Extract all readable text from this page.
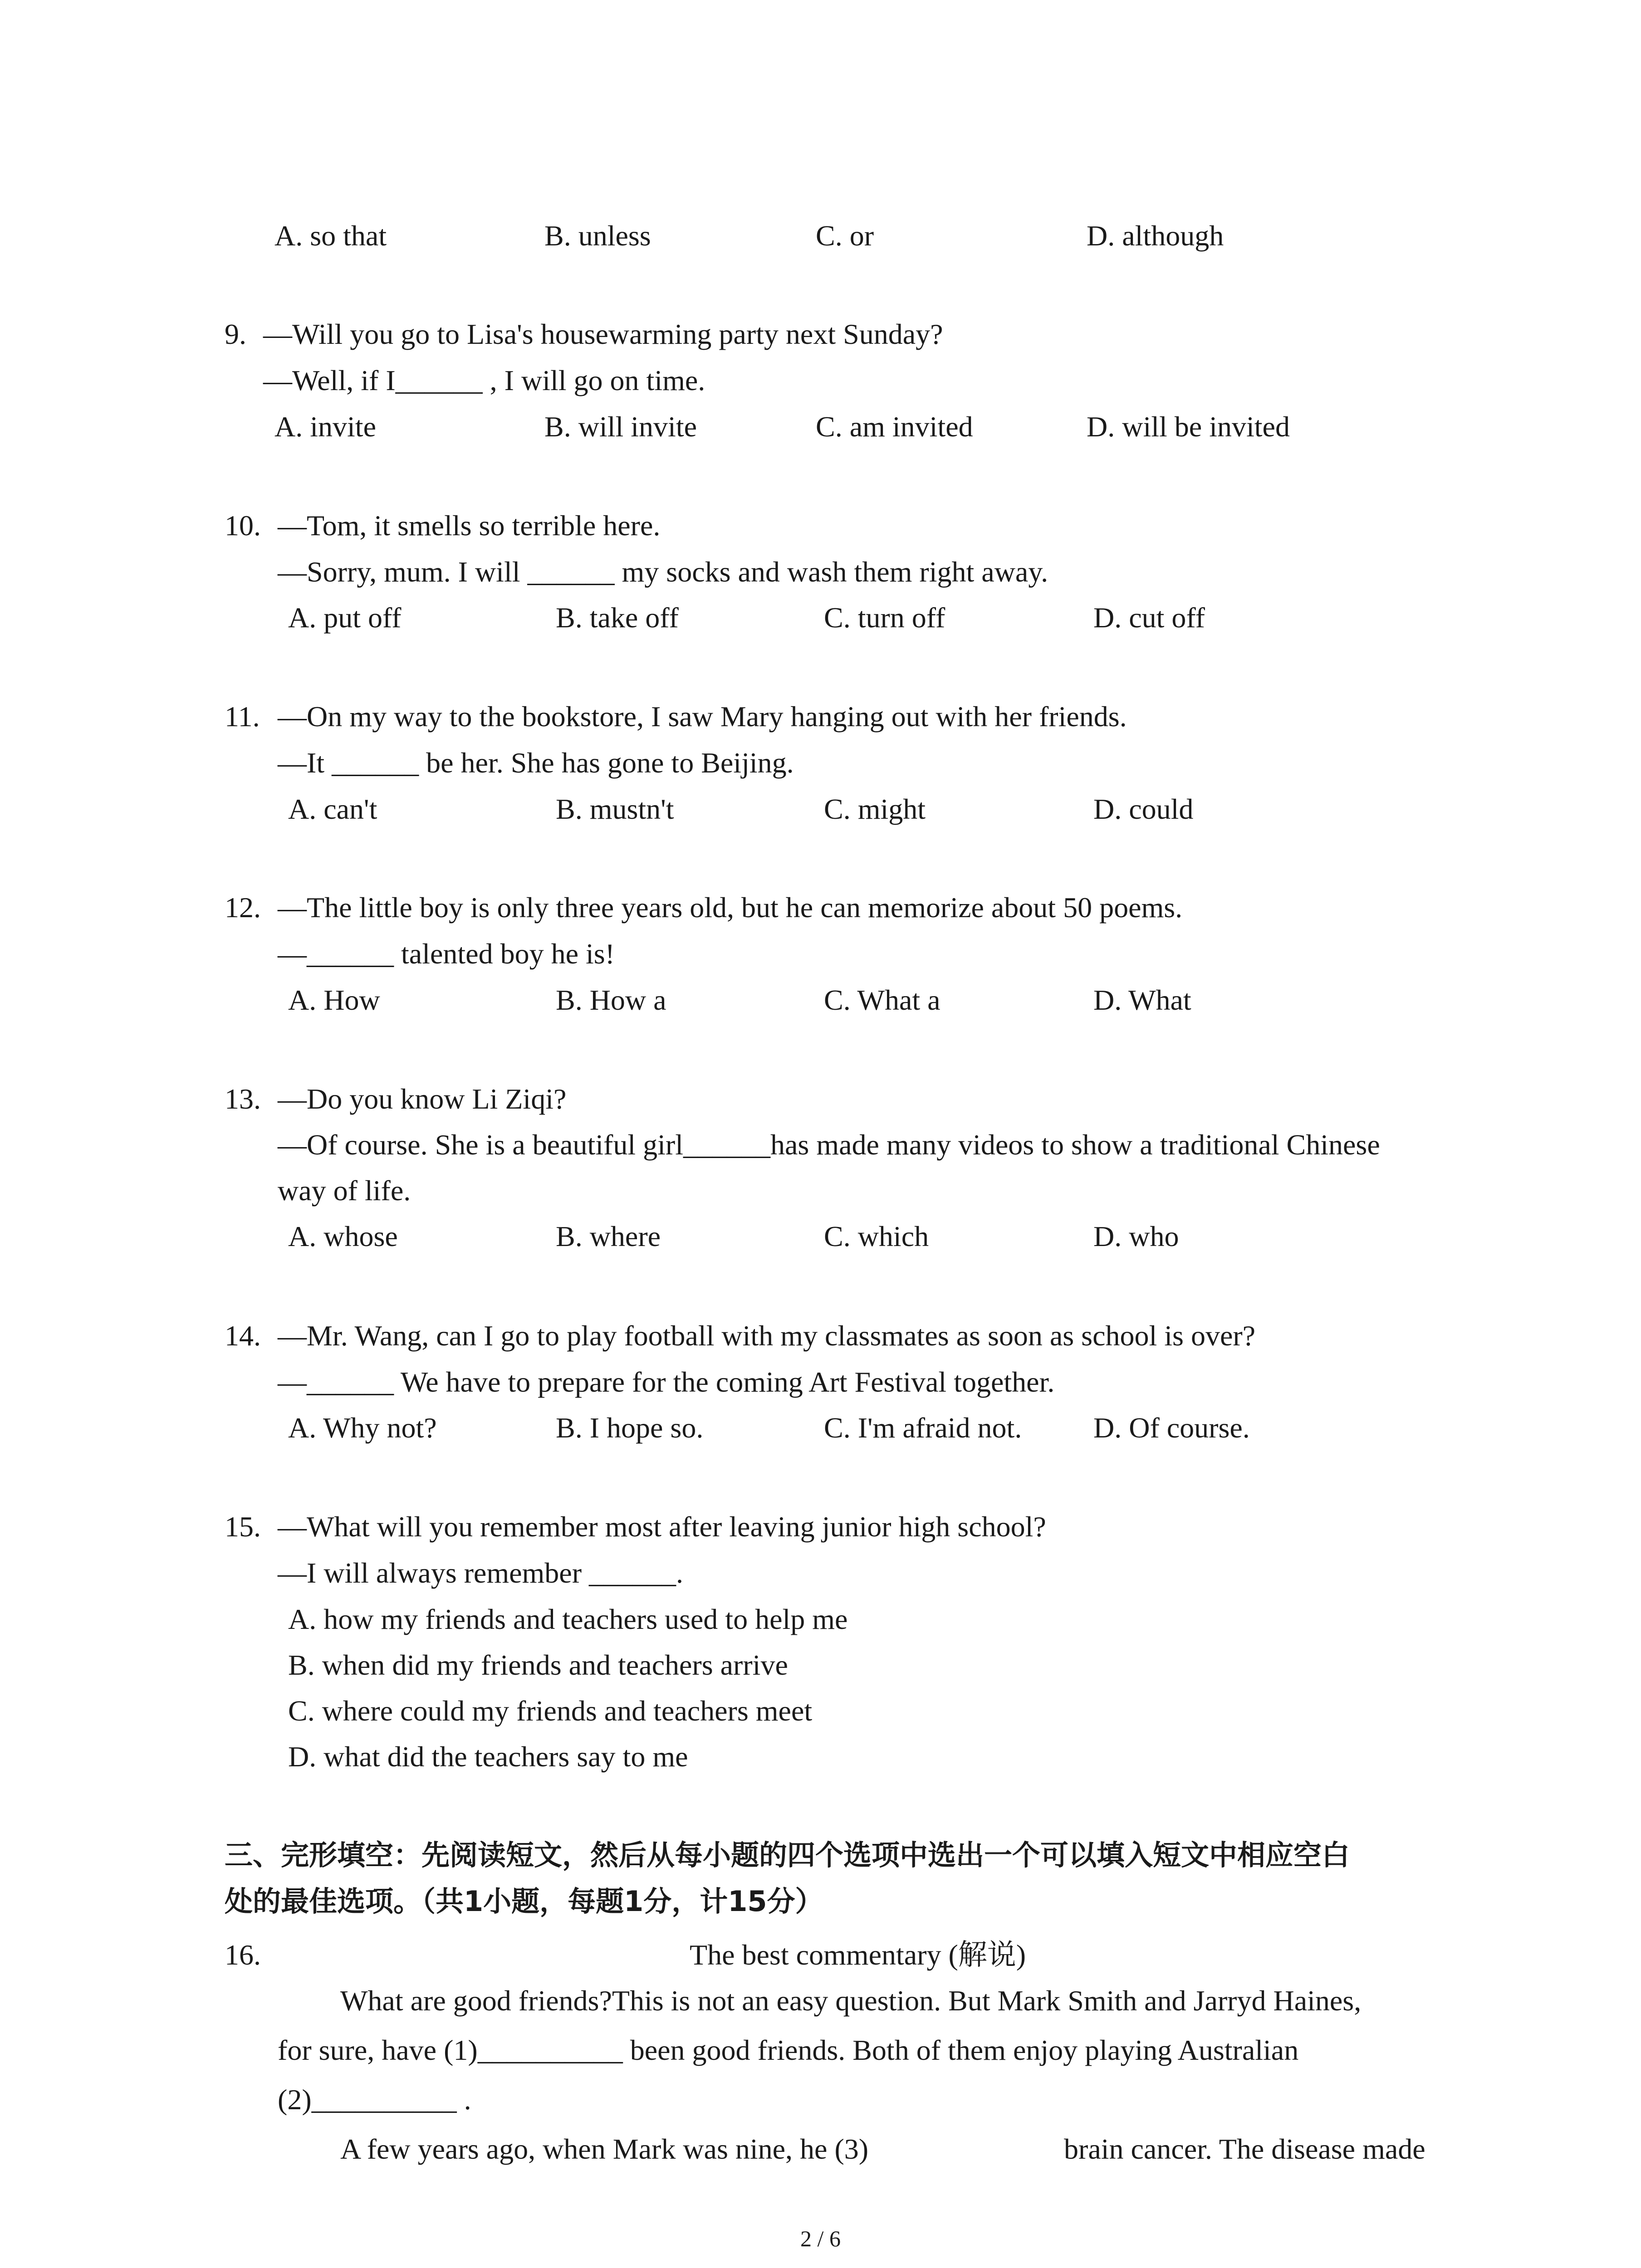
A. so that	B. unless	C. or	D. although
9. —Will you go to Lisa's housewarming party next Sunday?
—Well, if I______ , I will go on time.
A. invite	B. will invite	C. am invited	D. will be invited
10. —Tom, it smells so terrible here.
—Sorry, mum. I will ______ my socks and wash them right away.
A. put off	B. take off	C. turn off	D. cut off
11. —On my way to the bookstore, I saw Mary hanging out with her friends.
—It ______ be her. She has gone to Beijing.
A. can't	B. mustn't	C. might	D. could
12. —The little boy is only three years old, but he can memorize about 50 poems.
—______ talented boy he is!
A. How	B. How a	C. What a	D. What
13. —Do you know Li Ziqi?
—Of course. She is a beautiful girl______has made many videos to show a traditional Chinese
way of life.
A. whose	B. where	C. which	D. who
14. —Mr. Wang, can I go to play football with my classmates as soon as school is over?
—______ We have to prepare for the coming Art Festival together.
A. Why not?	B. I hope so.	C. I'm afraid not. D. Of course.
15. —What will you remember most after leaving junior high school?
—I will always remember ______.
A. how my friends and teachers used to help me
B. when did my friends and teachers arrive
C. where could my friends and teachers meet
D. what did the teachers say to me
三、完形填空：先阅读短文，然后从每小题的四个选项中选出一个可以填入短文中相应空白
处的最佳选项。（共1小题，每题1分，计15分）
16.	The best commentary (解说)
What are good friends?This is not an easy question. But Mark Smith and Jarryd Haines,
for sure, have (1)__________ been good friends. Both of them enjoy playing Australian
(2)__________ .
A few years ago, when Mark was nine, he (3)	brain cancer. The disease made
2 / 6
